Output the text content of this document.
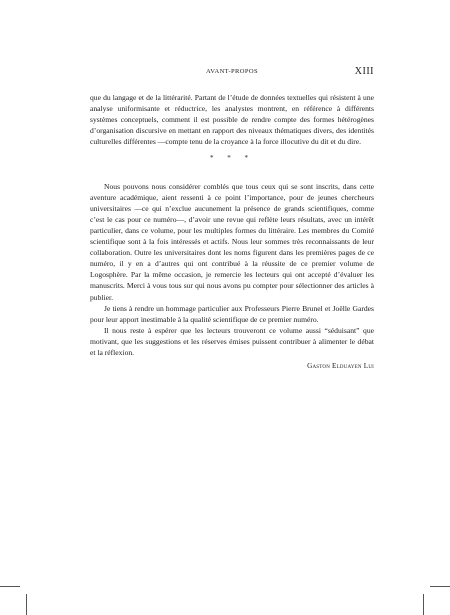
AVANT-PROPOS	XIII

que du langage et de la littérarité. Partant de l’étude de données textuelles qui résistent à une analyse uniformisante et réductrice, les analystes montrent, en référence à différents systèmes conceptuels, comment il est possible de rendre compte des formes hétérogènes d’organisation discursive en mettant en rapport des niveaux thématiques divers, des identités culturelles différentes —compte tenu de la croyance à la force illocutive du dit et du dire.

* * *

Nous pouvons nous considérer comblés que tous ceux qui se sont inscrits, dans cette aventure académique, aient ressenti à ce point l’importance, pour de jeunes chercheurs universitaires —ce qui n’exclue aucunement la présence de grands scientifiques, comme c’est le cas pour ce numéro—, d’avoir une revue qui reflète leurs résultats, avec un intérêt particulier, dans ce volume, pour les multiples formes du littéraire. Les membres du Comité scientifique sont à la fois intéressés et actifs. Nous leur sommes très reconnaissants de leur collaboration. Outre les universitaires dont les noms figurent dans les premières pages de ce numéro, il y en a d’autres qui ont contribué à la réussite de ce premier volume de Logosphère. Par la même occasion, je remercie les lecteurs qui ont accepté d’évaluer les manuscrits. Merci à vous tous sur qui nous avons pu compter pour sélectionner des articles à publier.

Je tiens à rendre un hommage particulier aux Professeurs Pierre Brunel et Joëlle Gardes pour leur apport inestimable à la qualité scientifique de ce premier numéro.

Il nous reste à espérer que les lecteurs trouveront ce volume aussi “séduisant” que motivant, que les suggestions et les réserves émises puissent contribuer à alimenter le débat et la réflexion.

Gaston Elduayen Lui
